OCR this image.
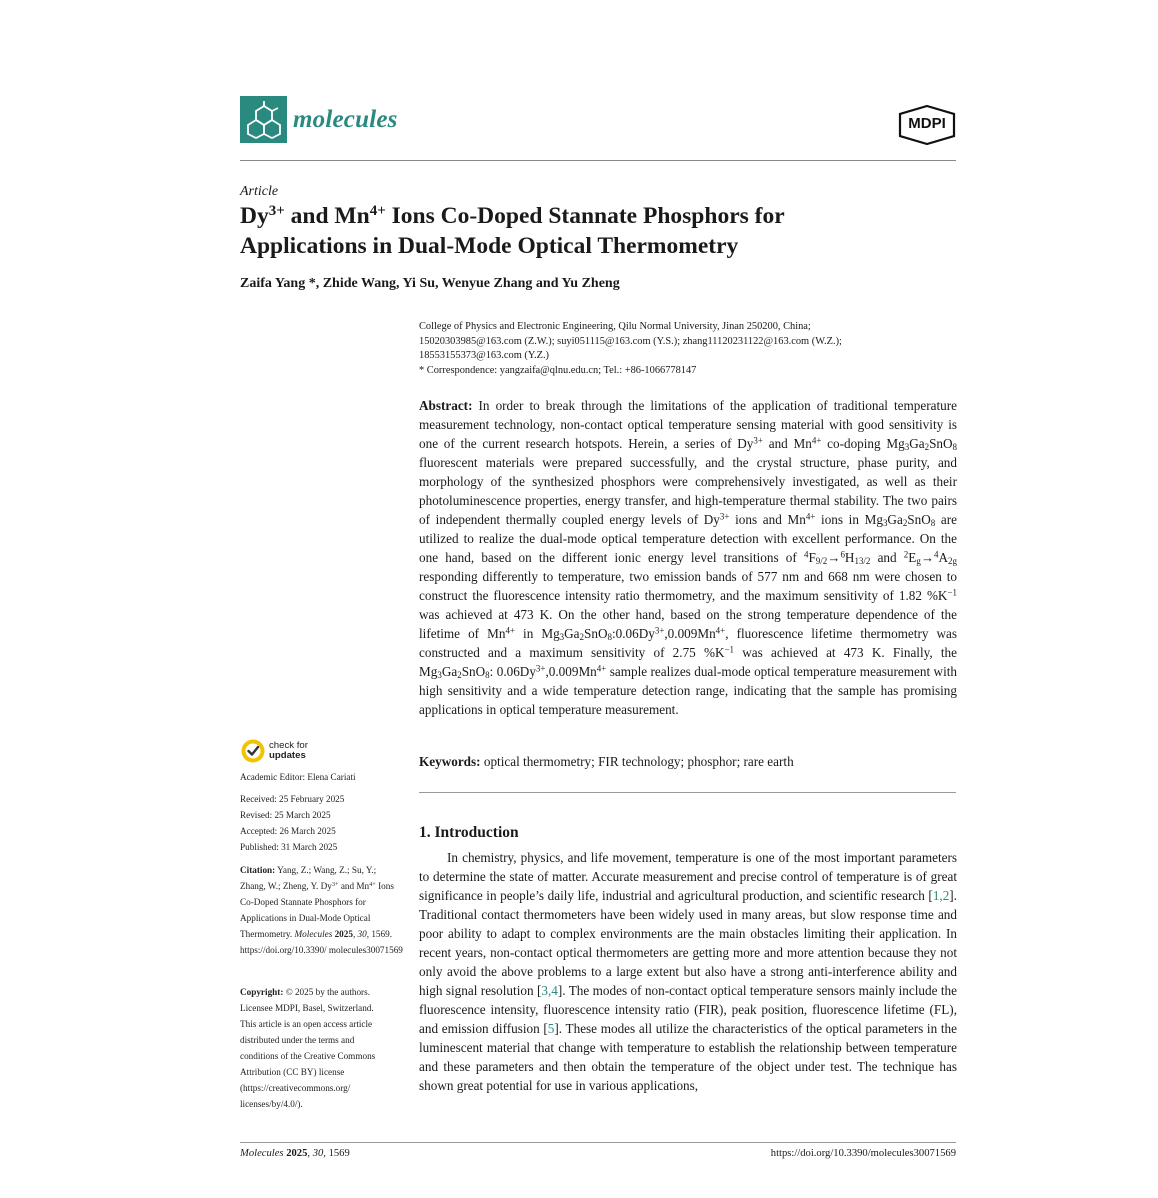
molecules	MDPI
Article
$Dy^{3+}$ and $Mn^{4+}$ Ions Co-Doped Stannate Phosphors for
Applications in Dual-Mode Optical Thermometry
Zaifa Yang *, Zhide Wang, Yi Su, Wenyue Zhang and Yu Zheng
College of Physics and Electronic Engineering, Qilu Normal University, Jinan 250200, China;
15020303985@163.com (Z.W.); suyi051115@163.com (Y.S.); zhang11120231122@163.com (W.Z.);
18553155373@163.com (Y.Z.)
* Correspondence: yangzaifa@qlnu.edu.cn; Tel.: +86-1066778147
Abstract: In order to break through the limitations of the application of traditional temperature measurement technology, non-contact optical temperature sensing material with good sensitivity is one of the current research hotspots. Herein, a series of $Dy^{3+}$ and $Mn^{4+}$ co-doping $Mg_3Ga_2SnO_8$ fluorescent materials were prepared successfully, and the crystal structure, phase purity, and morphology of the synthesized phosphors were comprehensively investigated, as well as their photoluminescence properties, energy transfer, and high-temperature thermal stability. The two pairs of independent thermally coupled energy levels of $Dy^{3+}$ ions and $Mn^{4+}$ ions in $Mg_3Ga_2SnO_8$ are utilized to realize the dual-mode optical temperature detection with excellent performance. On the one hand, based on the different ionic energy level transitions of $^4F_{9/2}\to^6H_{13/2}$ and $^2E_g\to^4A_{2g}$ responding differently to temperature, two emission bands of 577 nm and 668 nm were chosen to construct the fluorescence intensity ratio thermometry, and the maximum sensitivity of 1.82 $\%K^{-1}$ was achieved at 473 K. On the other hand, based on the strong temperature dependence of the lifetime of $Mn^{4+}$ in $Mg_3Ga_2SnO_8:0.06Dy^{3+},0.009Mn^{4+}$, fluorescence lifetime thermometry was constructed and a maximum sensitivity of 2.75 $\%K^{-1}$ was achieved at 473 K. Finally, the $Mg_3Ga_2SnO_8$: $0.06Dy^{3+},0.009Mn^{4+}$ sample realizes dual-mode optical temperature measurement with high sensitivity and a wide temperature detection range, indicating that the sample has promising applications in optical temperature measurement.
Keywords: optical thermometry; FIR technology; phosphor; rare earth
1. Introduction
In chemistry, physics, and life movement, temperature is one of the most important parameters to determine the state of matter. Accurate measurement and precise control of temperature is of great significance in people’s daily life, industrial and agricultural production, and scientific research [1,2]. Traditional contact thermometers have been widely used in many areas, but slow response time and poor ability to adapt to complex environments are the main obstacles limiting their application. In recent years, non-contact optical thermometers are getting more and more attention because they not only avoid the above problems to a large extent but also have a strong anti-interference ability and high signal resolution [3,4]. The modes of non-contact optical temperature sensors mainly include the fluorescence intensity, fluorescence intensity ratio (FIR), peak position, fluorescence lifetime (FL), and emission diffusion [5]. These modes all utilize the characteristics of the optical parameters in the luminescent material that change with temperature to establish the relationship between temperature and these parameters and then obtain the temperature of the object under test. The technique has shown great potential for use in various applications,
check for
updates
Academic Editor: Elena Cariati
Received: 25 February 2025
Revised: 25 March 2025
Accepted: 26 March 2025
Published: 31 March 2025
Citation: Yang, Z.; Wang, Z.; Su, Y.; Zhang, W.; Zheng, Y. $Dy^{3+}$ and $Mn^{4+}$ Ions Co-Doped Stannate Phosphors for Applications in Dual-Mode Optical Thermometry. Molecules 2025, 30, 1569. https://doi.org/10.3390/ molecules30071569
Copyright: © 2025 by the authors. Licensee MDPI, Basel, Switzerland. This article is an open access article distributed under the terms and conditions of the Creative Commons Attribution (CC BY) license (https://creativecommons.org/ licenses/by/4.0/).
Molecules 2025, 30, 1569	https://doi.org/10.3390/molecules30071569
